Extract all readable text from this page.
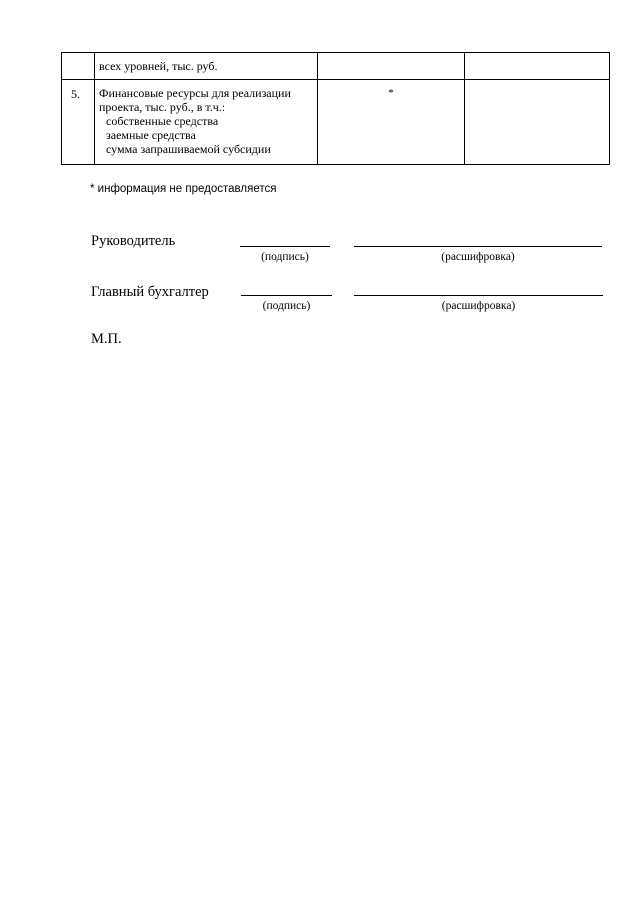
	всех уровней, тыс. руб.		

5.	Финансовые ресурсы для реализации
проекта, тыс. руб., в т.ч.:
собственные средства
заемные средства
сумма запрашиваемой субсидии	*	

* информация не предоставляется
Руководитель
(подпись)	(расшифровка)
Главный бухгалтер
(подпись)	(расшифровка)
М.П.
